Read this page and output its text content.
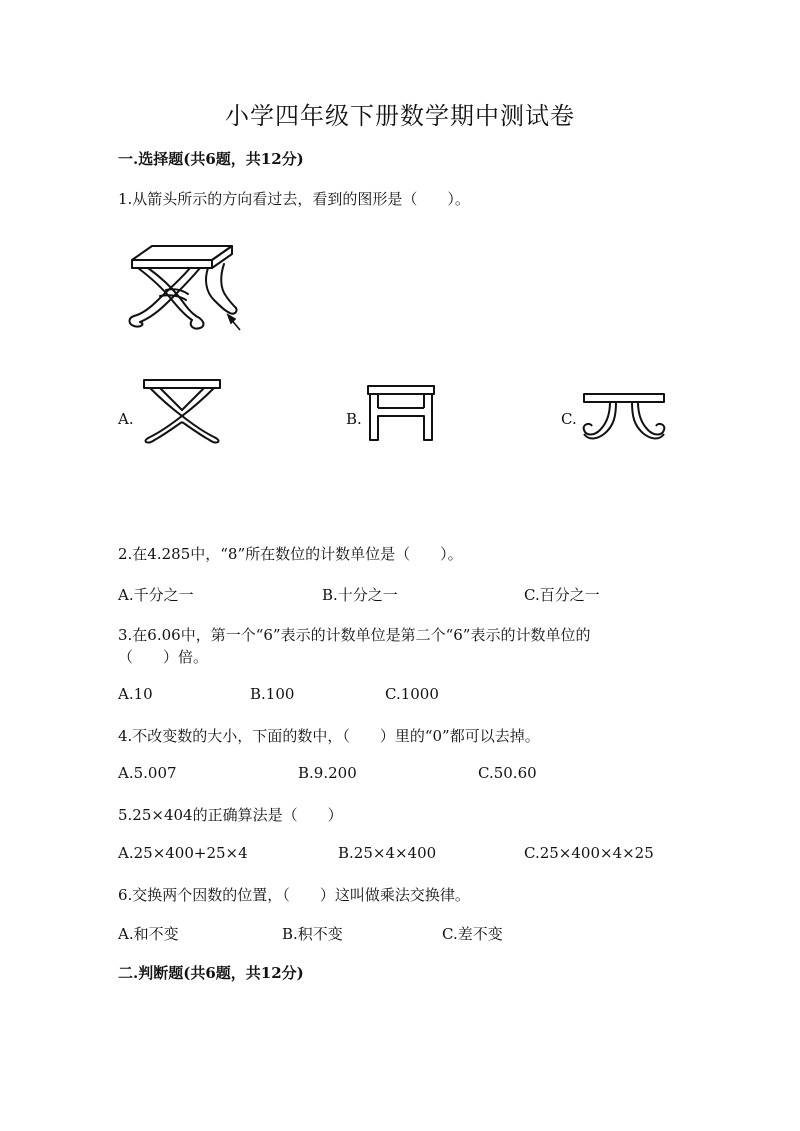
小学四年级下册数学期中测试卷
一.选择题(共6题，共12分)
1.从箭头所示的方向看过去，看到的图形是（　　）。
A.	B.	C.
2.在4.285中，“8”所在数位的计数单位是（　　）。
A.千分之一	B.十分之一	C.百分之一
3.在6.06中，第一个“6”表示的计数单位是第二个“6”表示的计数单位的
（　　）倍。
A.10	B.100	C.1000
4.不改变数的大小，下面的数中，（　　）里的“0”都可以去掉。
A.5.007	B.9.200	C.50.60
5.25×404的正确算法是（　　）
A.25×400+25×4	B.25×4×400	C.25×400×4×25
6.交换两个因数的位置，（　　）这叫做乘法交换律。
A.和不变	B.积不变	C.差不变
二.判断题(共6题，共12分)
